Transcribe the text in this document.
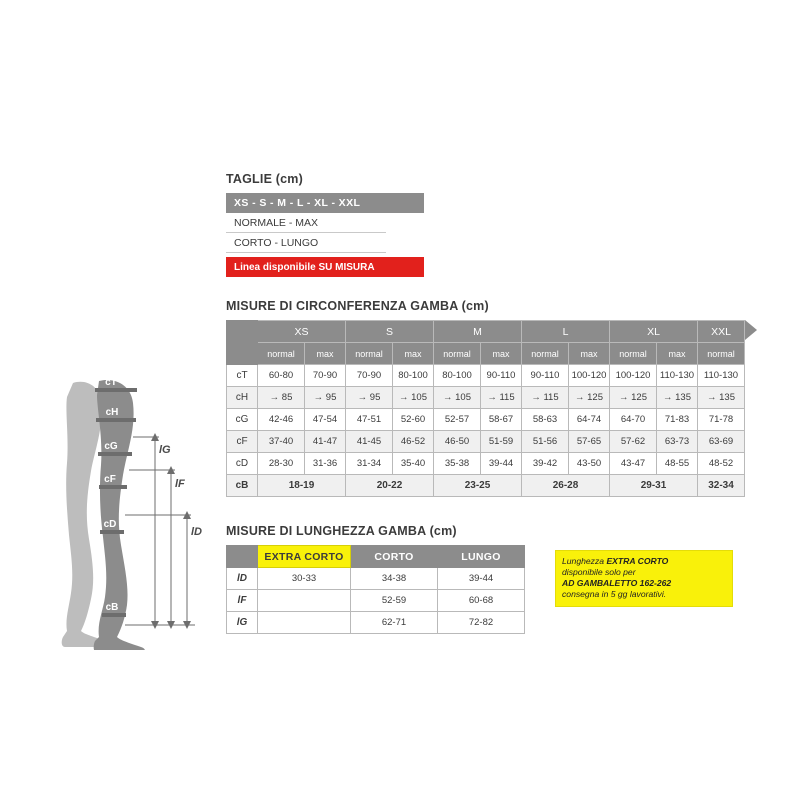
cT
cH
cG
cF
cD
cB
lG
lF
lD
TAGLIE (cm)
XS - S - M - L - XL - XXL
NORMALE - MAX
CORTO - LUNGO
Linea disponibile SU MISURA
MISURE DI CIRCONFERENZA GAMBA (cm)
	XS		S		M		L		XL		XXL
	normal	max	normal	max	normal	max	normal	max	normal	max	normal
cT	60-80	70-90	70-90	80-100	80-100	90-110	90-110	100-120	100-120	110-130	110-130
cH	→ 85	→ 95	→ 95	→ 105	→ 105	→ 115	→ 115	→ 125	→ 125	→ 135	→ 135
cG	42-46	47-54	47-51	52-60	52-57	58-67	58-63	64-74	64-70	71-83	71-78
cF	37-40	41-47	41-45	46-52	46-50	51-59	51-56	57-65	57-62	63-73	63-69
cD	28-30	31-36	31-34	35-40	35-38	39-44	39-42	43-50	43-47	48-55	48-52
cB	18-19		20-22		23-25		26-28		29-31		32-34
MISURE DI LUNGHEZZA GAMBA (cm)
	EXTRA CORTO	CORTO	LUNGO
lD	30-33	34-38	39-44
lF		52-59	60-68
lG		62-71	72-82
Lunghezza EXTRA CORTO
disponibile solo per
AD GAMBALETTO 162-262
consegna in 5 gg lavorativi.
